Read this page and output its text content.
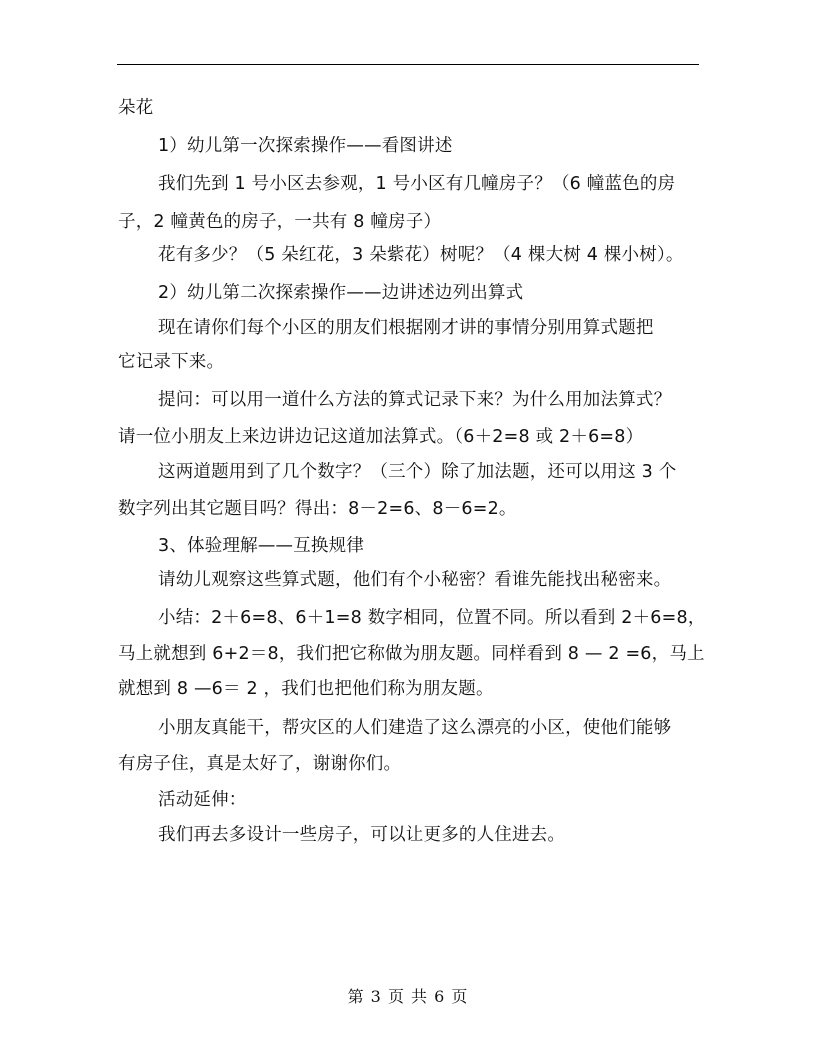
朵花
1）幼儿第一次探索操作——看图讲述
我们先到 1 号小区去参观，1 号小区有几幢房子？（6 幢蓝色的房
子，2 幢黄色的房子，一共有 8 幢房子）
花有多少？（5 朵红花，3 朵紫花）树呢？（4 棵大树 4 棵小树）。
2）幼儿第二次探索操作——边讲述边列出算式
现在请你们每个小区的朋友们根据刚才讲的事情分别用算式题把
它记录下来。
提问：可以用一道什么方法的算式记录下来？为什么用加法算式？
请一位小朋友上来边讲边记这道加法算式。（6＋2=8 或 2＋6=8）
这两道题用到了几个数字？（三个）除了加法题，还可以用这 3 个
数字列出其它题目吗？得出：8－2=6、8－6=2。
3、体验理解——互换规律
请幼儿观察这些算式题，他们有个小秘密？看谁先能找出秘密来。
小结：2＋6=8、6＋1=8 数字相同，位置不同。所以看到 2＋6=8，
马上就想到 6+2＝8，我们把它称做为朋友题。同样看到 8 — 2 =6，马上
就想到 8 —6＝ 2 ，我们也把他们称为朋友题。
小朋友真能干，帮灾区的人们建造了这么漂亮的小区，使他们能够
有房子住，真是太好了，谢谢你们。
活动延伸：
我们再去多设计一些房子，可以让更多的人住进去。
第 3 页 共 6 页
